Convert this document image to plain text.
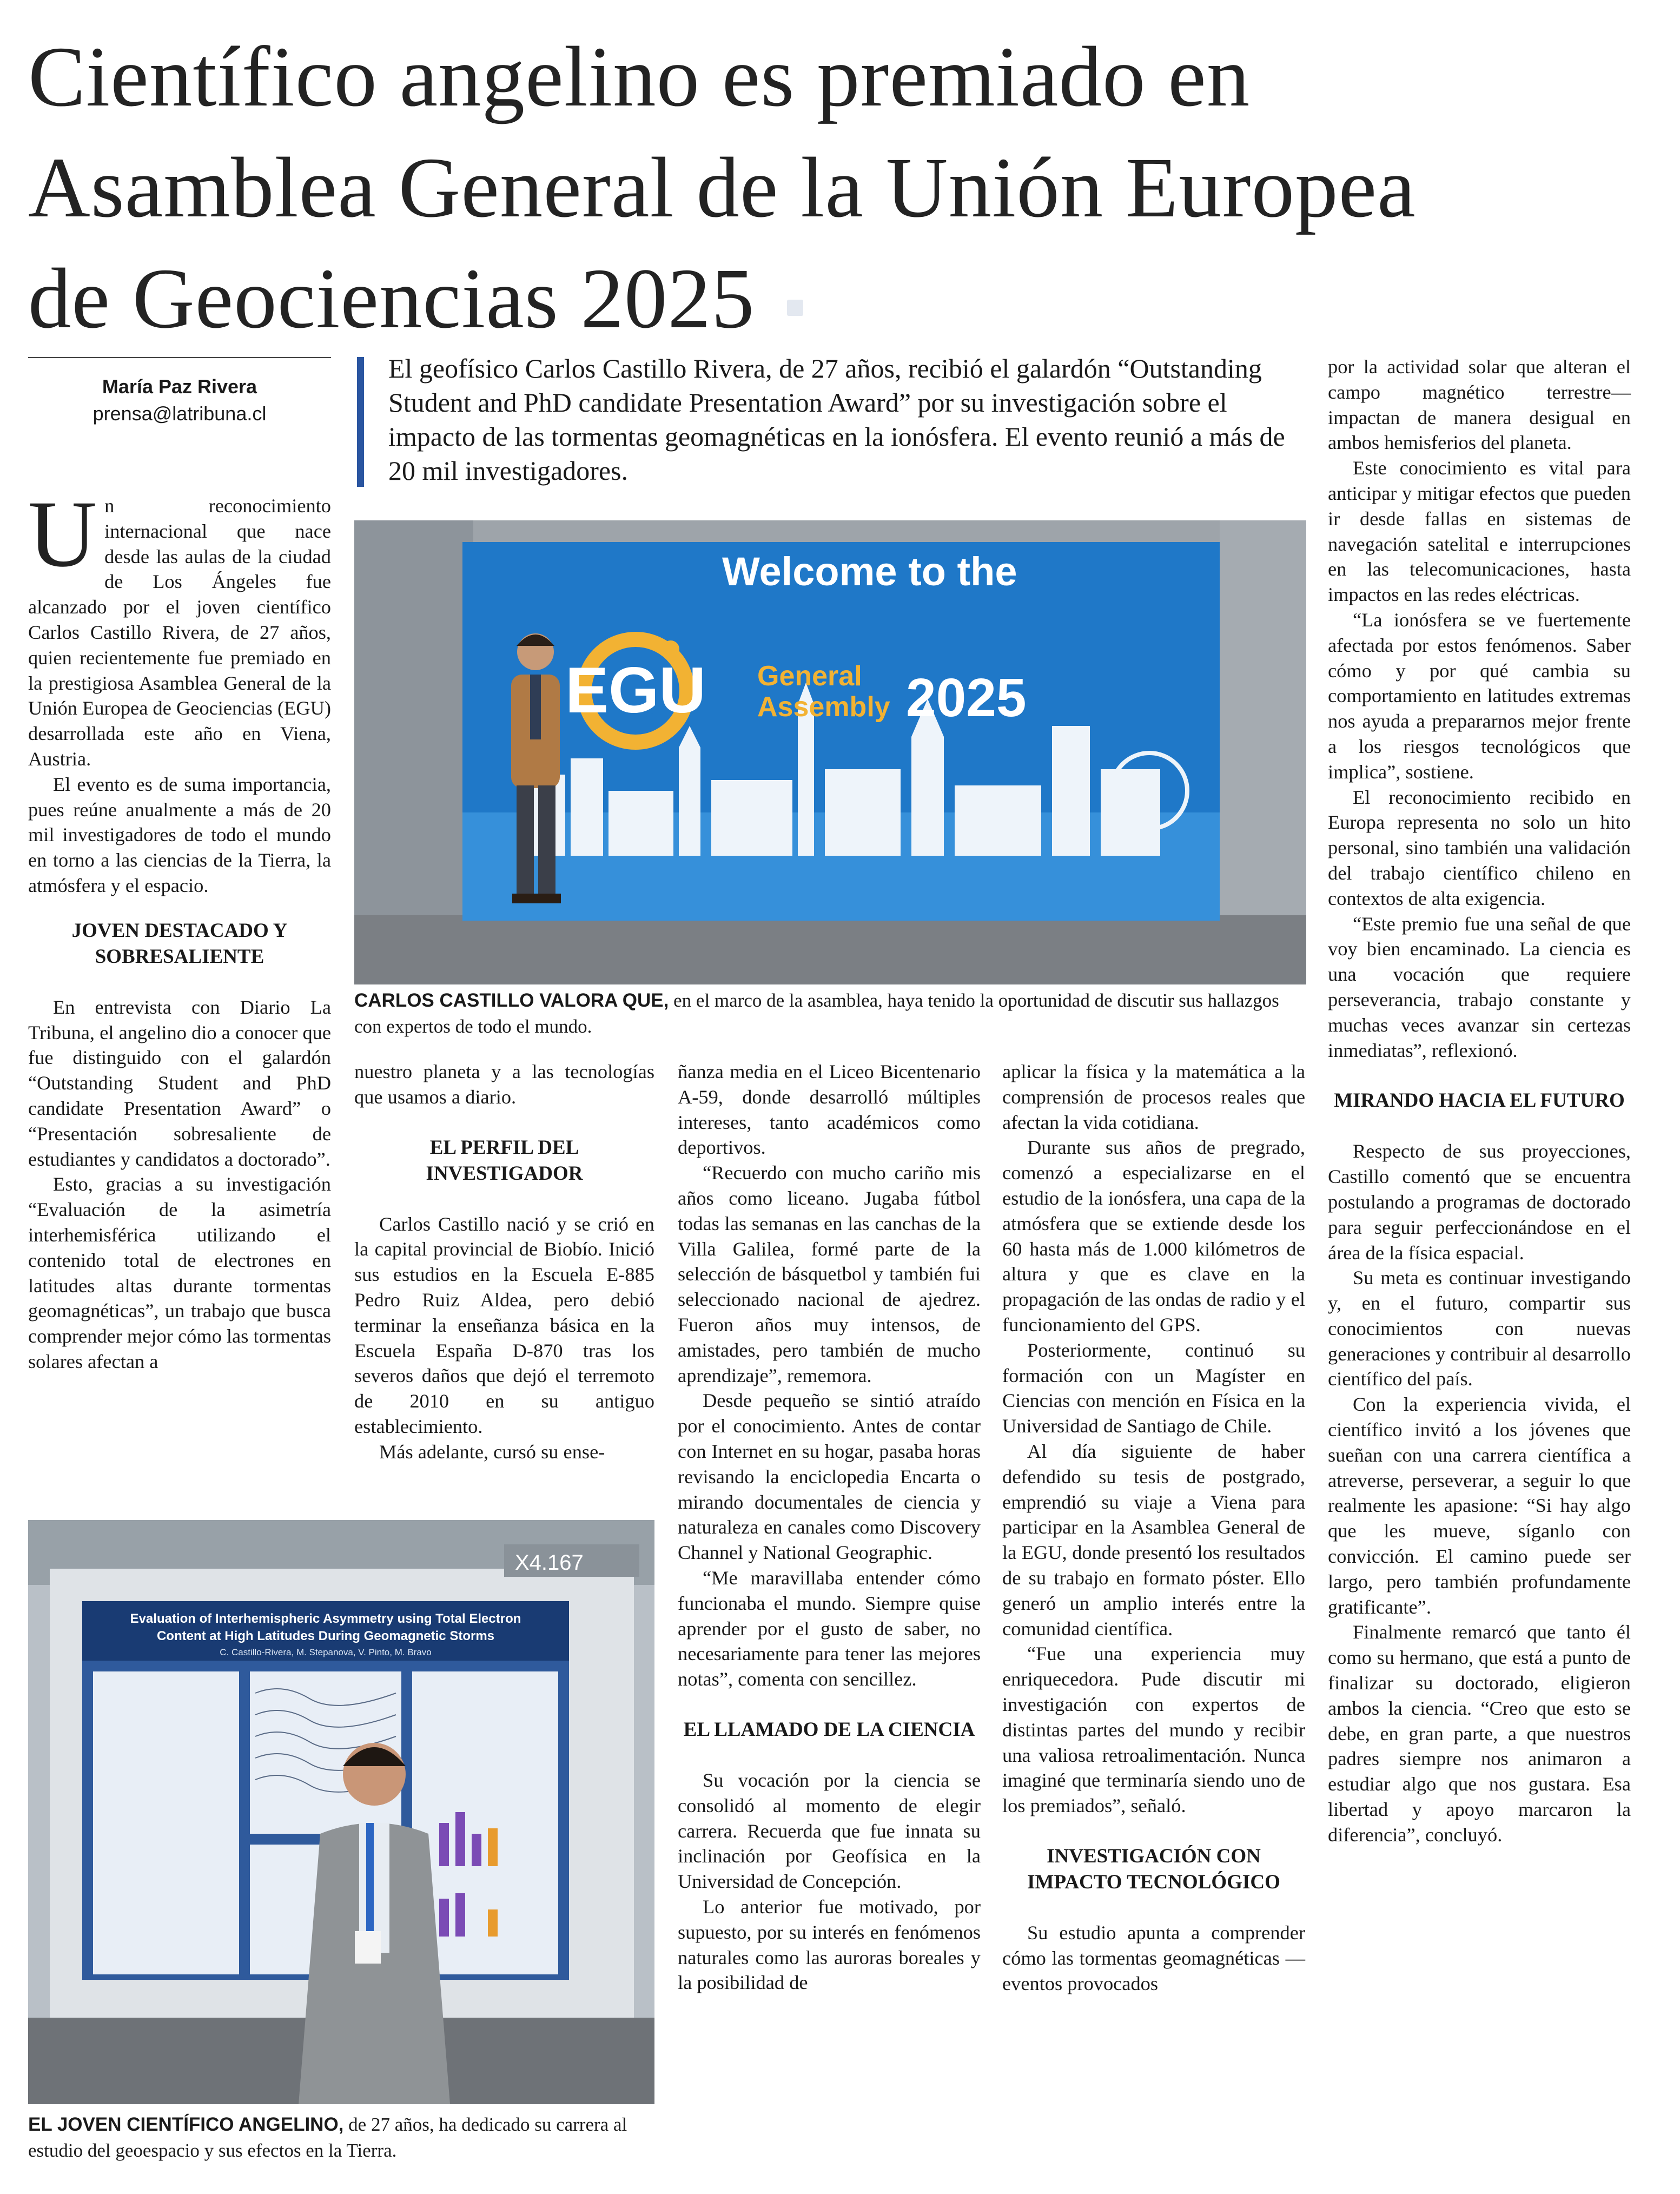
Científico angelino es premiado en
Asamblea General de la Unión Europea
de Geociencias 2025
María Paz Rivera
prensa@latribuna.cl

El geofísico Carlos Castillo Rivera, de 27 años, recibió el galardón “Outstanding Student and PhD candidate Presentation Award” por su investigación sobre el impacto de las tormentas geomagnéticas en la ionósfera. El evento reunió a más de 20 mil investigadores.

Welcome to the
EGU General
Assembly 2025
CARLOS CASTILLO VALORA QUE, en el marco de la asamblea, haya tenido la oportunidad de discutir sus hallazgos con expertos de todo el mundo.
X4.167
Evaluation of Interhemispheric Asymmetry using Total Electron
Content at High Latitudes During Geomagnetic Storms
C. Castillo-Rivera, M. Stepanova, V. Pinto, M. Bravo
EL JOVEN CIENTÍFICO ANGELINO, de 27 años, ha dedicado su carrera al estudio del geoespacio y sus efectos en la Tierra.

Un reconocimiento internacional que nace desde las aulas de la ciudad de Los Ángeles fue alcanzado por el joven científico Carlos Castillo Rivera, de 27 años, quien recientemente fue premiado en la prestigiosa Asamblea General de la Unión Europea de Geociencias (EGU) desarrollada este año en Viena, Austria.

El evento es de suma importancia, pues reúne anualmente a más de 20 mil investigadores de todo el mundo en torno a las ciencias de la Tierra, la atmósfera y el espacio.

JOVEN DESTACADO Y SOBRESALIENTE

En entrevista con Diario La Tribuna, el angelino dio a conocer que fue distinguido con el galardón “Outstanding Student and PhD candidate Presentation Award” o “Presentación sobresaliente de estudiantes y candidatos a doctorado”.

Esto, gracias a su investigación “Evaluación de la asimetría interhemisférica utilizando el contenido total de electrones en latitudes altas durante tormentas geomagnéticas”, un trabajo que busca comprender mejor cómo las tormentas solares afectan a

nuestro planeta y a las tecnologías que usamos a diario.

EL PERFIL DEL INVESTIGADOR

Carlos Castillo nació y se crió en la capital provincial de Biobío. Inició sus estudios en la Escuela E-885 Pedro Ruiz Aldea, pero debió terminar la enseñanza básica en la Escuela España D-870 tras los severos daños que dejó el terremoto de 2010 en su antiguo establecimiento.

Más adelante, cursó su ense-

ñanza media en el Liceo Bicentenario A-59, donde desarrolló múltiples intereses, tanto académicos como deportivos.

“Recuerdo con mucho cariño mis años como liceano. Jugaba fútbol todas las semanas en las canchas de la Villa Galilea, formé parte de la selección de básquetbol y también fui seleccionado nacional de ajedrez. Fueron años muy intensos, de amistades, pero también de mucho aprendizaje”, rememora.

Desde pequeño se sintió atraído por el conocimiento. Antes de contar con Internet en su hogar, pasaba horas revisando la enciclopedia Encarta o mirando documentales de ciencia y naturaleza en canales como Discovery Channel y National Geographic.

“Me maravillaba entender cómo funcionaba el mundo. Siempre quise aprender por el gusto de saber, no necesariamente para tener las mejores notas”, comenta con sencillez.

EL LLAMADO DE LA CIENCIA

Su vocación por la ciencia se consolidó al momento de elegir carrera. Recuerda que fue innata su inclinación por Geofísica en la Universidad de Concepción.

Lo anterior fue motivado, por supuesto, por su interés en fenómenos naturales como las auroras boreales y la posibilidad de

aplicar la física y la matemática a la comprensión de procesos reales que afectan la vida cotidiana.

Durante sus años de pregrado, comenzó a especializarse en el estudio de la ionósfera, una capa de la atmósfera que se extiende desde los 60 hasta más de 1.000 kilómetros de altura y que es clave en la propagación de las ondas de radio y el funcionamiento del GPS.

Posteriormente, continuó su formación con un Magíster en Ciencias con mención en Física en la Universidad de Santiago de Chile.

Al día siguiente de haber defendido su tesis de postgrado, emprendió su viaje a Viena para participar en la Asamblea General de la EGU, donde presentó los resultados de su trabajo en formato póster. Ello generó un amplio interés entre la comunidad científica.

“Fue una experiencia muy enriquecedora. Pude discutir mi investigación con expertos de distintas partes del mundo y recibir una valiosa retroalimentación. Nunca imaginé que terminaría siendo uno de los premiados”, señaló.

INVESTIGACIÓN CON IMPACTO TECNOLÓGICO

Su estudio apunta a comprender cómo las tormentas geomagnéticas —eventos provocados

por la actividad solar que alteran el campo magnético terrestre— impactan de manera desigual en ambos hemisferios del planeta.

Este conocimiento es vital para anticipar y mitigar efectos que pueden ir desde fallas en sistemas de navegación satelital e interrupciones en las telecomunicaciones, hasta impactos en las redes eléctricas.

“La ionósfera se ve fuertemente afectada por estos fenómenos. Saber cómo y por qué cambia su comportamiento en latitudes extremas nos ayuda a prepararnos mejor frente a los riesgos tecnológicos que implica”, sostiene.

El reconocimiento recibido en Europa representa no solo un hito personal, sino también una validación del trabajo científico chileno en contextos de alta exigencia.

“Este premio fue una señal de que voy bien encaminado. La ciencia es una vocación que requiere perseverancia, trabajo constante y muchas veces avanzar sin certezas inmediatas”, reflexionó.

MIRANDO HACIA EL FUTURO

Respecto de sus proyecciones, Castillo comentó que se encuentra postulando a programas de doctorado para seguir perfeccionándose en el área de la física espacial.

Su meta es continuar investigando y, en el futuro, compartir sus conocimientos con nuevas generaciones y contribuir al desarrollo científico del país.

Con la experiencia vivida, el científico invitó a los jóvenes que sueñan con una carrera científica a atreverse, perseverar, a seguir lo que realmente les apasione: “Si hay algo que les mueve, síganlo con convicción. El camino puede ser largo, pero también profundamente gratificante”.

Finalmente remarcó que tanto él como su hermano, que está a punto de finalizar su doctorado, eligieron ambos la ciencia. “Creo que esto se debe, en gran parte, a que nuestros padres siempre nos animaron a estudiar algo que nos gustara. Esa libertad y apoyo marcaron la diferencia”, concluyó.
